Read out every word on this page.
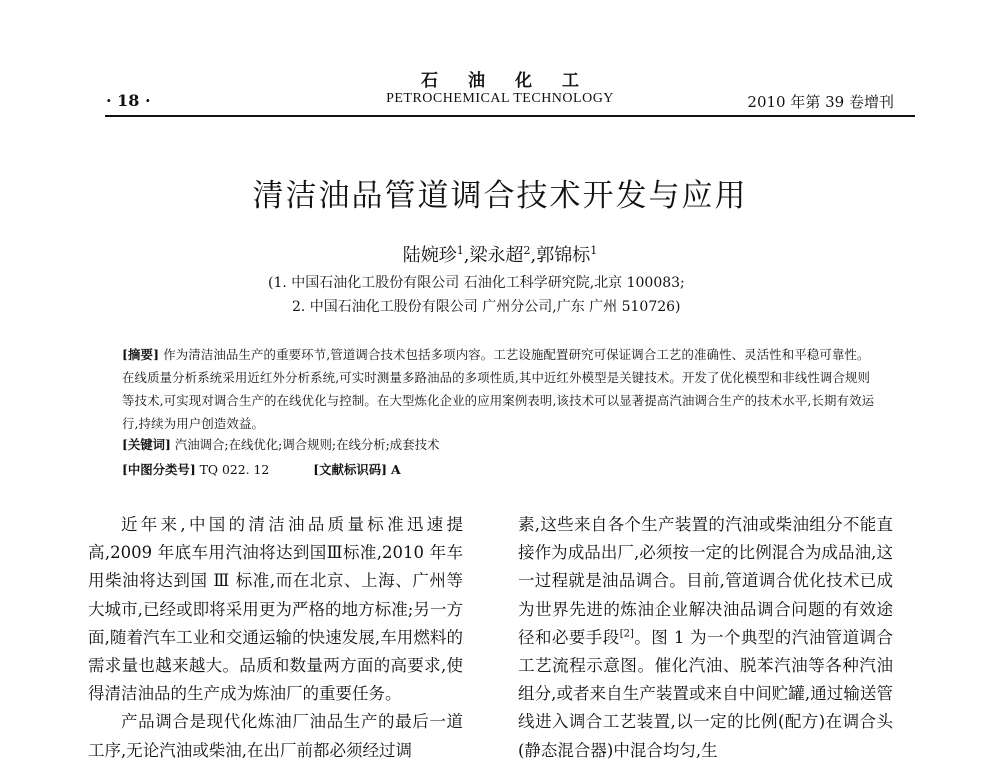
石油化工
· 18 ·	PETROCHEMICAL TECHNOLOGY	2010 年第 39 卷增刊
清洁油品管道调合技术开发与应用
陆婉珍$^1$,梁永超$^2$,郭锦标$^1$
(1. 中国石油化工股份有限公司 石油化工科学研究院,北京 100083;
2. 中国石油化工股份有限公司 广州分公司,广东 广州 510726)

[摘要] 作为清洁油品生产的重要环节,管道调合技术包括多项内容。工艺设施配置研究可保证调合工艺的准确性、灵活性和平稳可靠性。在线质量分析系统采用近红外分析系统,可实时测量多路油品的多项性质,其中近红外模型是关键技术。开发了优化模型和非线性调合规则等技术,可实现对调合生产的在线优化与控制。在大型炼化企业的应用案例表明,该技术可以显著提高汽油调合生产的技术水平,长期有效运行,持续为用户创造效益。

[关键词] 汽油调合;在线优化;调合规则;在线分析;成套技术
[中图分类号] TQ 022. 12	[文献标识码] A

近年来,中国的清洁油品质量标准迅速提高,2009 年底车用汽油将达到国Ⅲ标准,2010 年车用柴油将达到国 Ⅲ 标准,而在北京、上海、广州等大城市,已经或即将采用更为严格的地方标准;另一方面,随着汽车工业和交通运输的快速发展,车用燃料的需求量也越来越大。品质和数量两方面的高要求,使得清洁油品的生产成为炼油厂的重要任务。

产品调合是现代化炼油厂油品生产的最后一道工序,无论汽油或柴油,在出厂前都必须经过调

素,这些来自各个生产装置的汽油或柴油组分不能直接作为成品出厂,必须按一定的比例混合为成品油,这一过程就是油品调合。目前,管道调合优化技术已成为世界先进的炼油企业解决油品调合问题的有效途径和必要手段[2]。图 1 为一个典型的汽油管道调合工艺流程示意图。催化汽油、脱苯汽油等各种汽油组分,或者来自生产装置或来自中间贮罐,通过输送管线进入调合工艺装置,以一定的比例(配方)在调合头(静态混合器)中混合均匀,生
